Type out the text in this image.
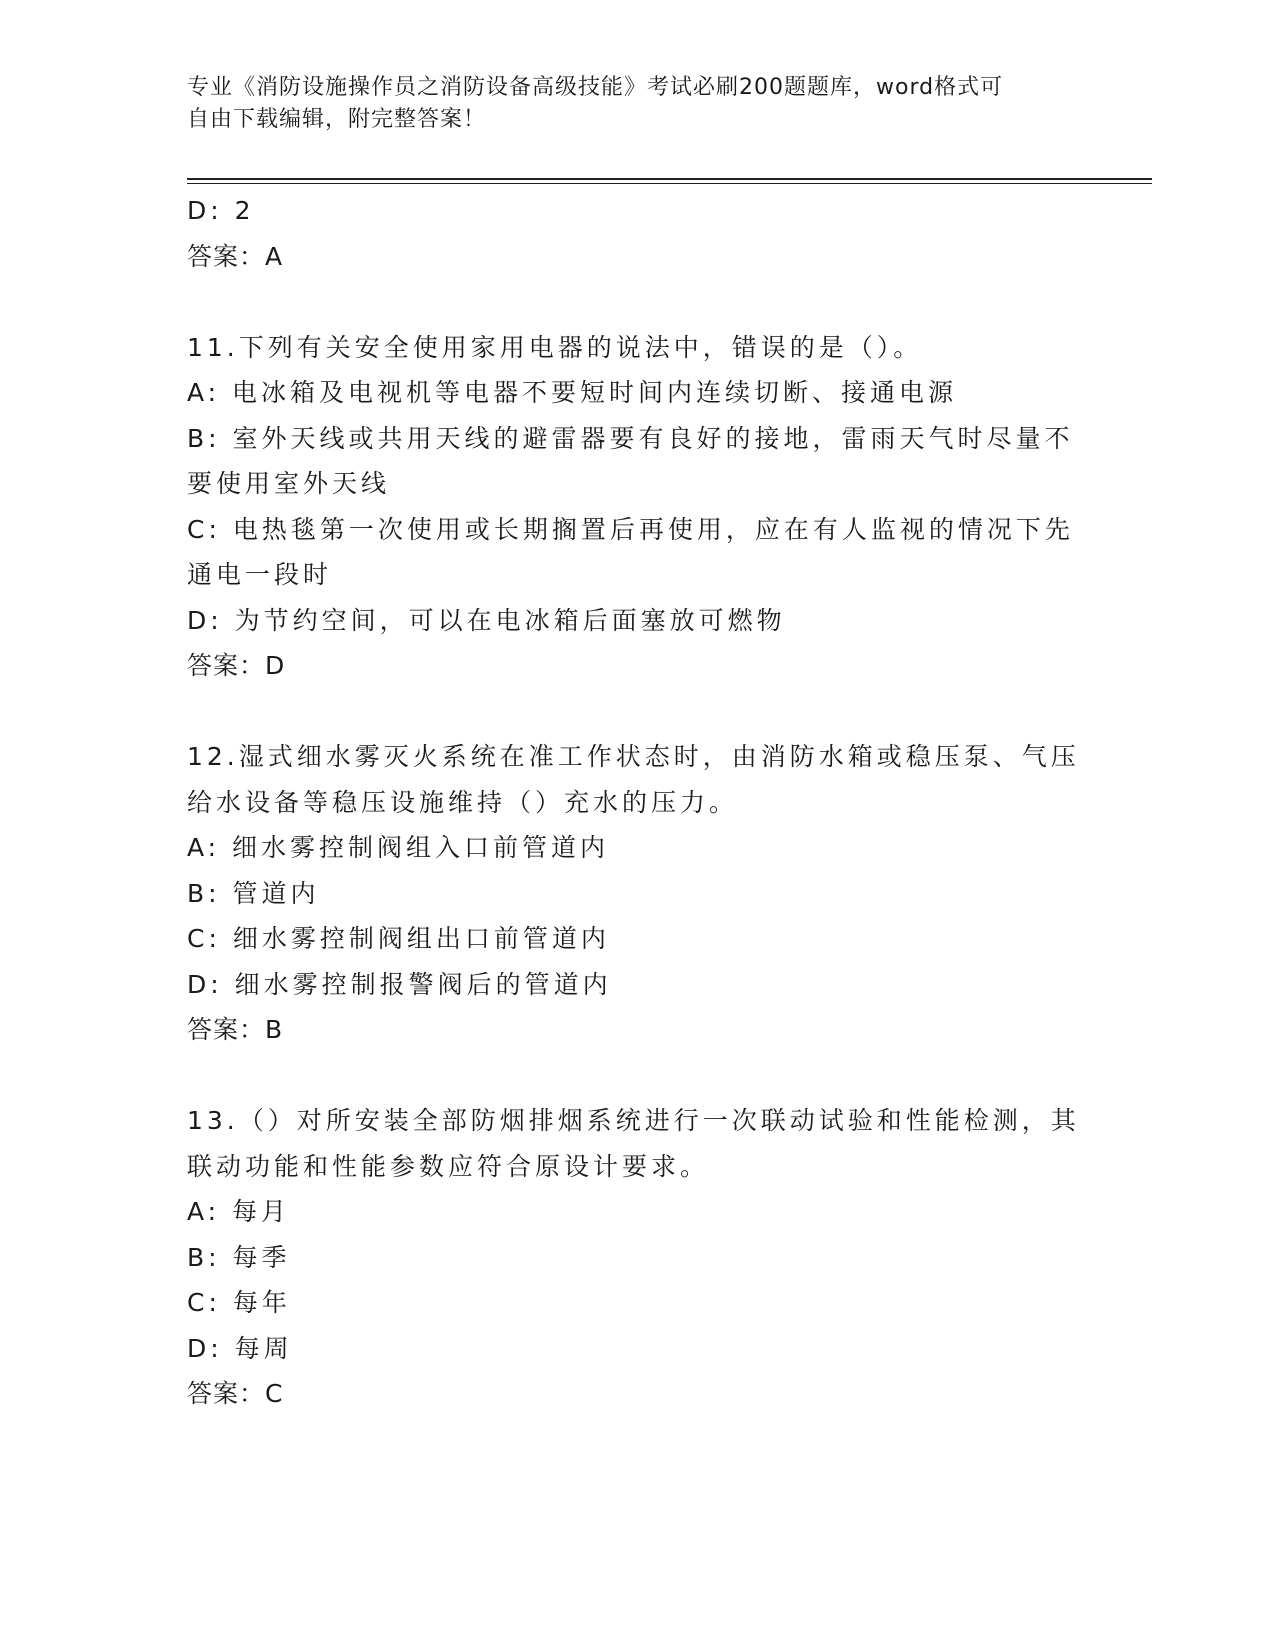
专业《消防设施操作员之消防设备高级技能》考试必刷200题题库，word格式可
自由下载编辑，附完整答案！
D: 2
答案：A
11.下列有关安全使用家用电器的说法中，错误的是（）。
A: 电冰箱及电视机等电器不要短时间内连续切断、接通电源
B: 室外天线或共用天线的避雷器要有良好的接地，雷雨天气时尽量不
要使用室外天线
C: 电热毯第一次使用或长期搁置后再使用，应在有人监视的情况下先
通电一段时
D: 为节约空间，可以在电冰箱后面塞放可燃物
答案：D
12.湿式细水雾灭火系统在准工作状态时，由消防水箱或稳压泵、气压
给水设备等稳压设施维持（）充水的压力。
A: 细水雾控制阀组入口前管道内
B: 管道内
C: 细水雾控制阀组出口前管道内
D: 细水雾控制报警阀后的管道内
答案：B
13.（）对所安装全部防烟排烟系统进行一次联动试验和性能检测，其
联动功能和性能参数应符合原设计要求。
A: 每月
B: 每季
C: 每年
D: 每周
答案：C
